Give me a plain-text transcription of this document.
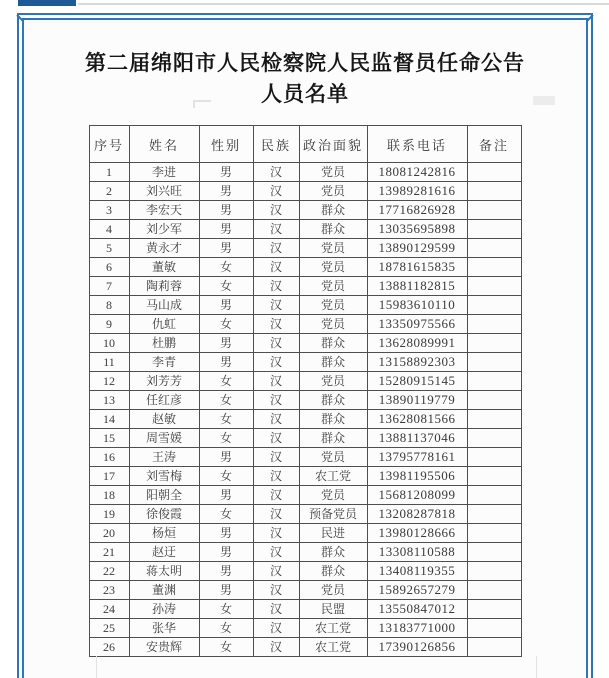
第二届绵阳市人民检察院人民监督员任命公告
人员名单
序号	姓名	性别	民族	政治面貌	联系电话	备注
1	李进	男	汉	党员	18081242816	
2	刘兴旺	男	汉	党员	13989281616	
3	李宏天	男	汉	群众	17716826928	
4	刘少军	男	汉	群众	13035695898	
5	黄永才	男	汉	党员	13890129599	
6	董敏	女	汉	党员	18781615835	
7	陶莉蓉	女	汉	党员	13881182815	
8	马山成	男	汉	党员	15983610110	
9	仇虹	女	汉	党员	13350975566	
10	杜鹏	男	汉	群众	13628089991	
11	李青	男	汉	群众	13158892303	
12	刘芳芳	女	汉	党员	15280915145	
13	任红彦	女	汉	群众	13890119779	
14	赵敏	女	汉	群众	13628081566	
15	周雪媛	女	汉	群众	13881137046	
16	王涛	男	汉	党员	13795778161	
17	刘雪梅	女	汉	农工党	13981195506	
18	阳朝全	男	汉	党员	15681208099	
19	徐俊霞	女	汉	预备党员	13208287818	
20	杨烜	男	汉	民进	13980128666	
21	赵迂	男	汉	群众	13308110588	
22	蒋太明	男	汉	群众	13408119355	
23	董渊	男	汉	党员	15892657279	
24	孙涛	女	汉	民盟	13550847012	
25	张华	女	汉	农工党	13183771000	
26	安贵辉	女	汉	农工党	17390126856	
